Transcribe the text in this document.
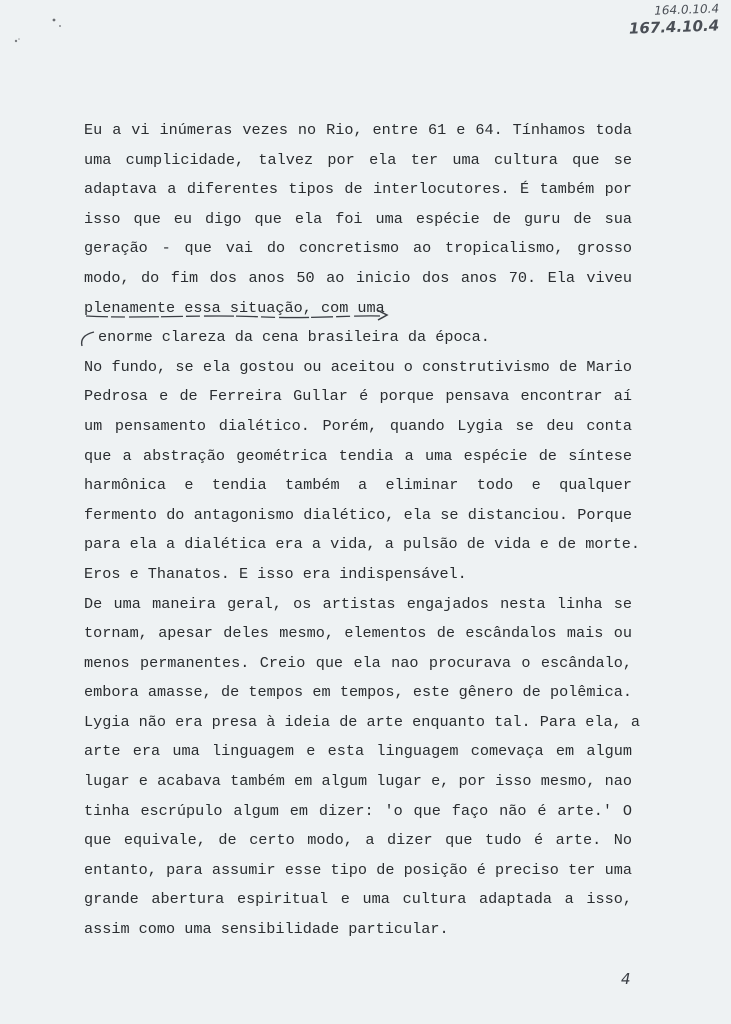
164.0.10.4
167.4.10.4
Eu a vi inúmeras vezes no Rio, entre 61 e 64. Tínhamos toda
uma cumplicidade, talvez por ela ter uma cultura que se
adaptava a diferentes tipos de interlocutores. É também por
isso que eu digo que ela foi uma espécie de guru de sua
geração - que vai do concretismo ao tropicalismo, grosso
modo, do fim dos anos 50 ao inicio dos anos 70. Ela viveu
plenamente essa situação, com uma
enorme clareza da cena brasileira da época.
No fundo, se ela gostou ou aceitou o construtivismo de Mario
Pedrosa e de Ferreira Gullar é porque pensava encontrar aí
um pensamento dialético. Porém, quando Lygia se deu conta
que a abstração geométrica tendia a uma espécie de síntese
harmônica e tendia também a eliminar todo e qualquer
fermento do antagonismo dialético, ela se distanciou. Porque
para ela a dialética era a vida, a pulsão de vida e de morte.
Eros e Thanatos. E isso era indispensável.
De uma maneira geral, os artistas engajados nesta linha se
tornam, apesar deles mesmo, elementos de escândalos mais ou
menos permanentes. Creio que ela nao procurava o escândalo,
embora amasse, de tempos em tempos, este gênero de polêmica.
Lygia não era presa à ideia de arte enquanto tal. Para ela, a
arte era uma linguagem e esta linguagem comevaça em algum
lugar e acabava também em algum lugar e, por isso mesmo, nao
tinha escrúpulo algum em dizer: 'o que faço não é arte.' O
que equivale, de certo modo, a dizer que tudo é arte. No
entanto, para assumir esse tipo de posição é preciso ter uma
grande abertura espiritual e uma cultura adaptada a isso,
assim como uma sensibilidade particular.
4
